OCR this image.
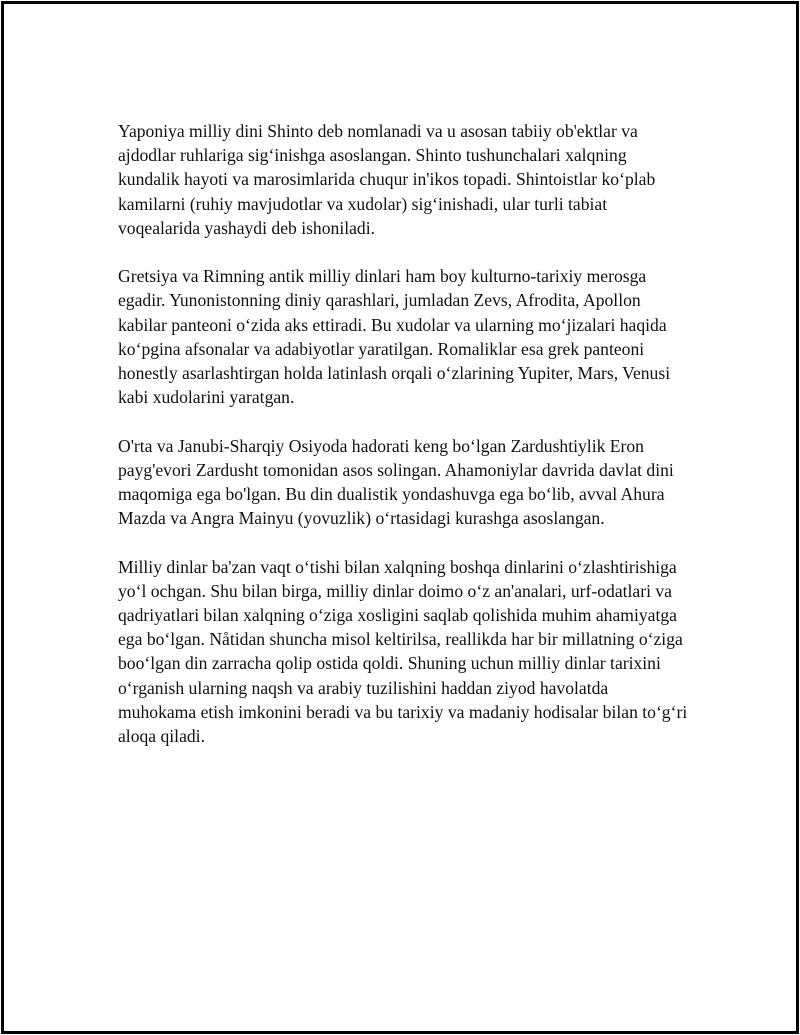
Yaponiya milliy dini Shinto deb nomlanadi va u asosan tabiiy ob'ektlar va ajdodlar ruhlariga sig‘inishga asoslangan. Shinto tushunchalari xalqning kundalik hayoti va marosimlarida chuqur in'ikos topadi. Shintoistlar ko‘plab kamilarni (ruhiy mavjudotlar va xudolar) sig‘inishadi, ular turli tabiat voqealarida yashaydi deb ishoniladi.

Gretsiya va Rimning antik milliy dinlari ham boy kulturno-tarixiy merosga egadir. Yunonistonning diniy qarashlari, jumladan Zevs, Afrodita, Apollon kabilar panteoni o‘zida aks ettiradi. Bu xudolar va ularning mo‘jizalari haqida ko‘pgina afsonalar va adabiyotlar yaratilgan. Romaliklar esa grek panteoni honestly asarlashtirgan holda latinlash orqali o‘zlarining Yupiter, Mars, Venusi kabi xudolarini yaratgan.

O'rta va Janubi-Sharqiy Osiyoda hadorati keng bo‘lgan Zardushtiylik Eron payg'evori Zardusht tomonidan asos solingan. Ahamoniylar davrida davlat dini maqomiga ega bo'lgan. Bu din dualistik yondashuvga ega bo‘lib, avval Ahura Mazda va Angra Mainyu (yovuzlik) o‘rtasidagi kurashga asoslangan.

Milliy dinlar ba'zan vaqt o‘tishi bilan xalqning boshqa dinlarini o‘zlashtirishiga yo‘l ochgan. Shu bilan birga, milliy dinlar doimo o‘z an'analari, urf-odatlari va qadriyatlari bilan xalqning o‘ziga xosligini saqlab qolishida muhim ahamiyatga ega bo‘lgan. Nåtidan shuncha misol keltirilsa, reallikda har bir millatning o‘ziga boo‘lgan din zarracha qolip ostida qoldi. Shuning uchun milliy dinlar tarixini o‘rganish ularning naqsh va arabiy tuzilishini haddan ziyod havolatda muhokama etish imkonini beradi va bu tarixiy va madaniy hodisalar bilan to‘g‘ri aloqa qiladi.
